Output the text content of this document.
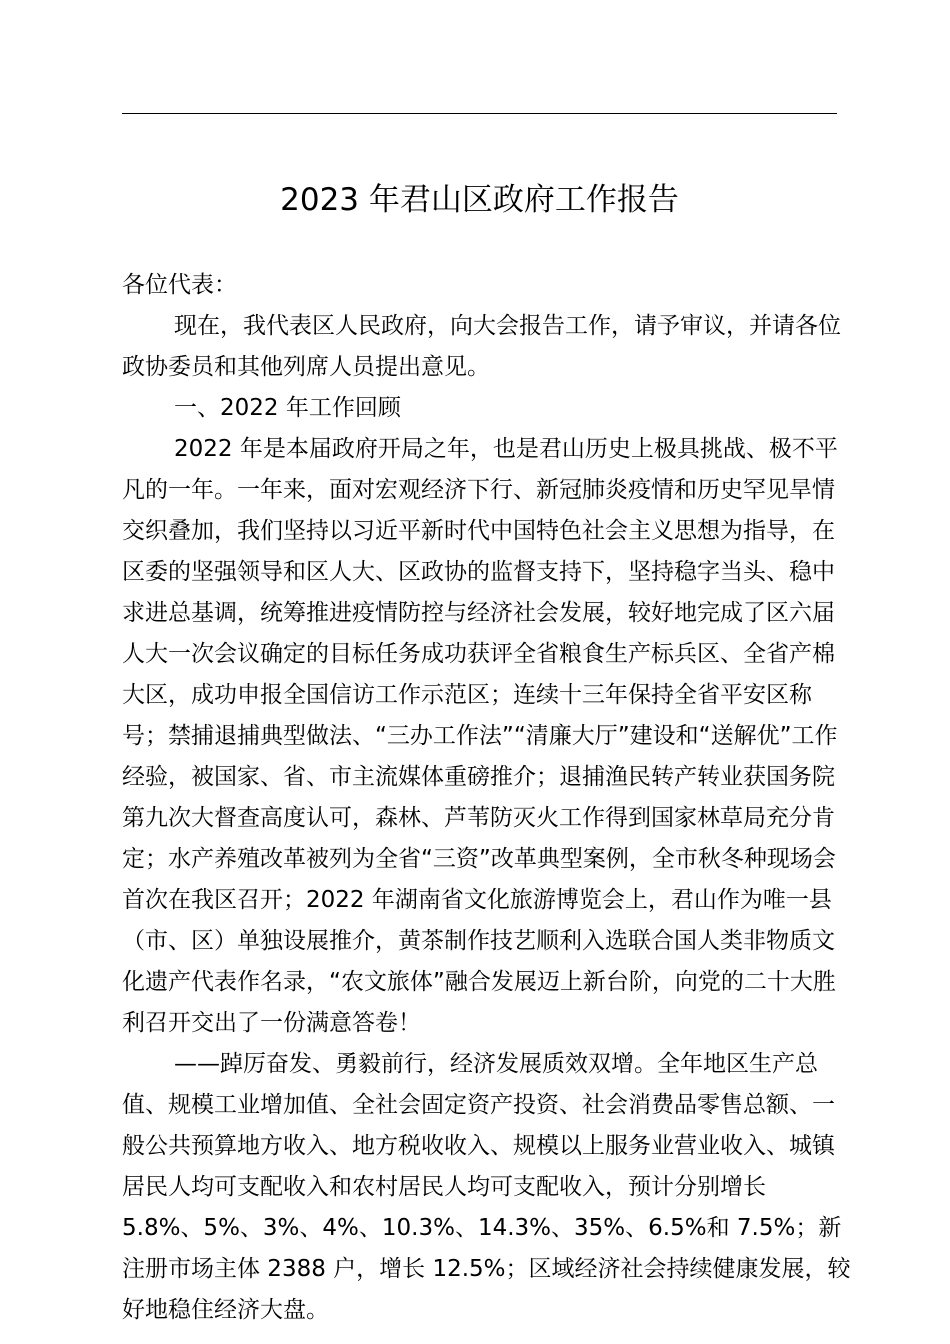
2023 年君山区政府工作报告

各位代表：

现在，我代表区人民政府，向大会报告工作，请予审议，并请各位政协委员和其他列席人员提出意见。

一、2022 年工作回顾

2022 年是本届政府开局之年，也是君山历史上极具挑战、极不平凡的一年。一年来，面对宏观经济下行、新冠肺炎疫情和历史罕见旱情交织叠加，我们坚持以习近平新时代中国特色社会主义思想为指导，在区委的坚强领导和区人大、区政协的监督支持下，坚持稳字当头、稳中求进总基调，统筹推进疫情防控与经济社会发展，较好地完成了区六届人大一次会议确定的目标任务成功获评全省粮食生产标兵区、全省产棉大区，成功申报全国信访工作示范区；连续十三年保持全省平安区称号；禁捕退捕典型做法、“三办工作法”“清廉大厅”建设和“送解优”工作经验，被国家、省、市主流媒体重磅推介；退捕渔民转产转业获国务院第九次大督查高度认可，森林、芦苇防灭火工作得到国家林草局充分肯定；水产养殖改革被列为全省“三资”改革典型案例，全市秋冬种现场会首次在我区召开；2022 年湖南省文化旅游博览会上，君山作为唯一县（市、区）单独设展推介，黄茶制作技艺顺利入选联合国人类非物质文化遗产代表作名录，“农文旅体”融合发展迈上新台阶，向党的二十大胜利召开交出了一份满意答卷！

——踔厉奋发、勇毅前行，经济发展质效双增。全年地区生产总值、规模工业增加值、全社会固定资产投资、社会消费品零售总额、一般公共预算地方收入、地方税收收入、规模以上服务业营业收入、城镇居民人均可支配收入和农村居民人均可支配收入，预计分别增长 5.8%、5%、3%、4%、10.3%、14.3%、35%、6.5%和 7.5%；新注册市场主体 2388 户，增长 12.5%；区域经济社会持续健康发展，较好地稳住经济大盘。
